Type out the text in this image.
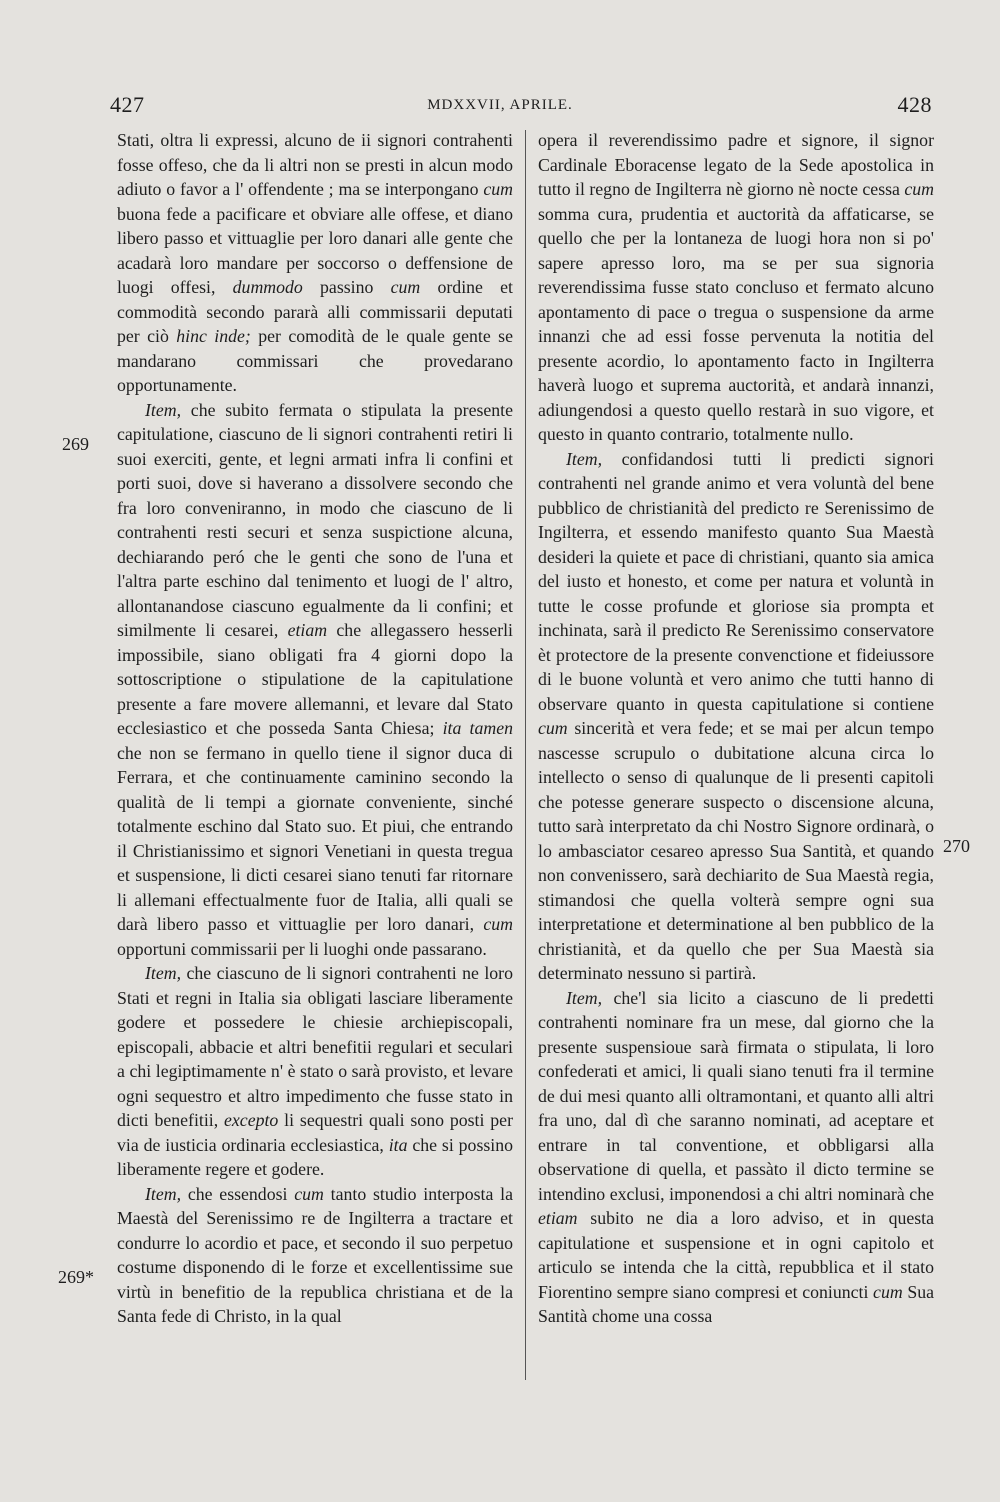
427	MDXXVII, APRILE.	428

Stati, oltra li expressi, alcuno de ii signori contrahenti fosse offeso, che da li altri non se presti in alcun modo adiuto o favor a l' offendente ; ma se interpongano cum buona fede a pacificare et obviare alle offese, et diano libero passo et vittuaglie per loro danari alle gente che acadarà loro mandare per soccorso o deffensione de luogi offesi, dummodo passino cum ordine et commodità secondo pararà alli commissarii deputati per ciò hinc inde; per comodità de le quale gente se mandarano commissari che provedarano opportunamente.

Item, che subito fermata o stipulata la presente capitulatione, ciascuno de li signori contrahenti retiri li suoi exerciti, gente, et legni armati infra li confini et porti suoi, dove si haverano a dissolvere secondo che fra loro conveniranno, in modo che ciascuno de li contrahenti resti securi et senza suspictione alcuna, dechiarando peró che le genti che sono de l'una et l'altra parte eschino dal tenimento et luogi de l' altro, allontanandose ciascuno egualmente da li confini; et similmente li cesarei, etiam che allegassero hesserli impossibile, siano obligati fra 4 giorni dopo la sottoscriptione o stipulatione de la capitulatione presente a fare movere allemanni, et levare dal Stato ecclesiastico et che posseda Santa Chiesa; ita tamen che non se fermano in quello tiene il signor duca di Ferrara, et che continuamente caminino secondo la qualità de li tempi a giornate conveniente, sinché totalmente eschino dal Stato suo. Et piui, che entrando il Christianissimo et signori Venetiani in questa tregua et suspensione, li dicti cesarei siano tenuti far ritornare li allemani effectualmente fuor de Italia, alli quali se darà libero passo et vittuaglie per loro danari, cum opportuni commissarii per li luoghi onde passarano.

Item, che ciascuno de li signori contrahenti ne loro Stati et regni in Italia sia obligati lasciare liberamente godere et possedere le chiesie archiepiscopali, episcopali, abbacie et altri benefitii regulari et seculari a chi legiptimamente n' è stato o sarà provisto, et levare ogni sequestro et altro impedimento che fusse stato in dicti benefitii, excepto li sequestri quali sono posti per via de iusticia ordinaria ecclesiastica, ita che si possino liberamente regere et godere.

Item, che essendosi cum tanto studio interposta la Maestà del Serenissimo re de Ingilterra a tractare et condurre lo acordio et pace, et secondo il suo perpetuo costume disponendo di le forze et excellentissime sue virtù in benefitio de la republica christiana et de la Santa fede di Christo, in la qual

opera il reverendissimo padre et signore, il signor Cardinale Eboracense legato de la Sede apostolica in tutto il regno de Ingilterra nè giorno nè nocte cessa cum somma cura, prudentia et auctorità da affaticarse, se quello che per la lontaneza de luogi hora non si po' sapere apresso loro, ma se per sua signoria reverendissima fusse stato concluso et fermato alcuno apontamento di pace o tregua o suspensione da arme innanzi che ad essi fosse pervenuta la notitia del presente acordio, lo apontamento facto in Ingilterra haverà luogo et suprema auctorità, et andarà innanzi, adiungendosi a questo quello restarà in suo vigore, et questo in quanto contrario, totalmente nullo.

Item, confidandosi tutti li predicti signori contrahenti nel grande animo et vera voluntà del bene pubblico de christianità del predicto re Serenissimo de Ingilterra, et essendo manifesto quanto Sua Maestà desideri la quiete et pace di christiani, quanto sia amica del iusto et honesto, et come per natura et voluntà in tutte le cosse profunde et gloriose sia prompta et inchinata, sarà il predicto Re Serenissimo conservatore èt protectore de la presente convenctione et fideiussore di le buone voluntà et vero animo che tutti hanno di observare quanto in questa capitulatione si contiene cum sincerità et vera fede; et se mai per alcun tempo nascesse scrupulo o dubitatione alcuna circa lo intellecto o senso di qualunque de li presenti capitoli che potesse generare suspecto o discensione alcuna, tutto sarà interpretato da chi Nostro Signore ordinarà, o lo ambasciator cesareo apresso Sua Santità, et quando non convenissero, sarà dechiarito de Sua Maestà regia, stimandosi che quella volterà sempre ogni sua interpretatione et determinatione al ben pubblico de la christianità, et da quello che per Sua Maestà sia determinato nessuno si partirà.

Item, che'l sia licito a ciascuno de li predetti contrahenti nominare fra un mese, dal giorno che la presente suspensioue sarà firmata o stipulata, li loro confederati et amici, li quali siano tenuti fra il termine de dui mesi quanto alli oltramontani, et quanto alli altri fra uno, dal dì che saranno nominati, ad aceptare et entrare in tal conventione, et obbligarsi alla observatione di quella, et passàto il dicto termine se intendino exclusi, imponendosi a chi altri nominarà che etiam subito ne dia a loro adviso, et in questa capitulatione et suspensione et in ogni capitolo et articulo se intenda che la città, repubblica et il stato Fiorentino sempre siano compresi et coniuncti cum Sua Santità chome una cossa

269
269*
270
